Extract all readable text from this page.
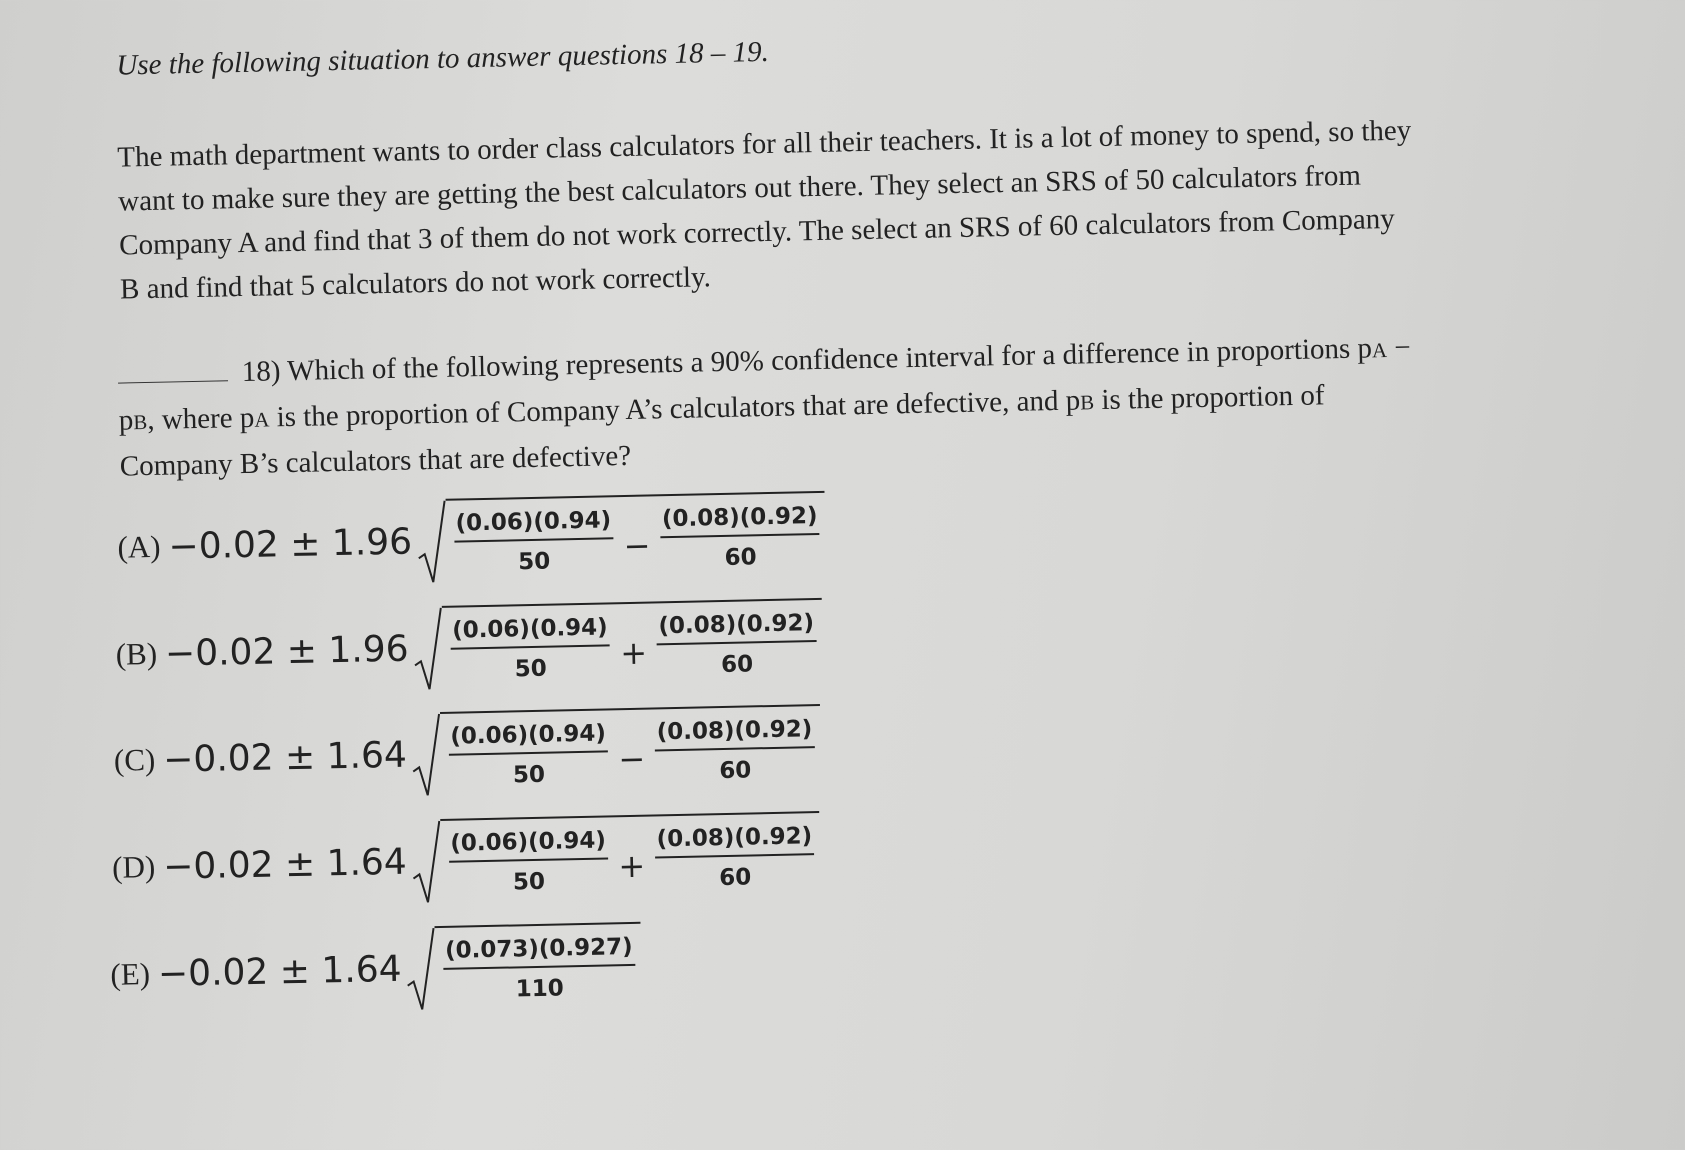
Use the following situation to answer questions 18 – 19.
The math department wants to order class calculators for all their teachers. It is a lot of money to spend, so they
want to make sure they are getting the best calculators out there. They select an SRS of 50 calculators from
Company A and find that 3 of them do not work correctly. The select an SRS of 60 calculators from Company
B and find that 5 calculators do not work correctly.
18) Which of the following represents a 90% confidence interval for a difference in proportions pA −
pB, where pA is the proportion of Company A’s calculators that are defective, and pB is the proportion of
Company B’s calculators that are defective?
$(A) -0.02 \pm 1.96 \frac{(0.06)(0.94)}{50} - \frac{(0.08)(0.92)}{60}$
$(B) -0.02 \pm 1.96 \frac{(0.06)(0.94)}{50} + \frac{(0.08)(0.92)}{60}$
$(C) -0.02 \pm 1.64 \frac{(0.06)(0.94)}{50} - \frac{(0.08)(0.92)}{60}$
$(D) -0.02 \pm 1.64 \frac{(0.06)(0.94)}{50} + \frac{(0.08)(0.92)}{60}$
$(E) -0.02 \pm 1.64 \frac{(0.073)(0.927)}{110}$
